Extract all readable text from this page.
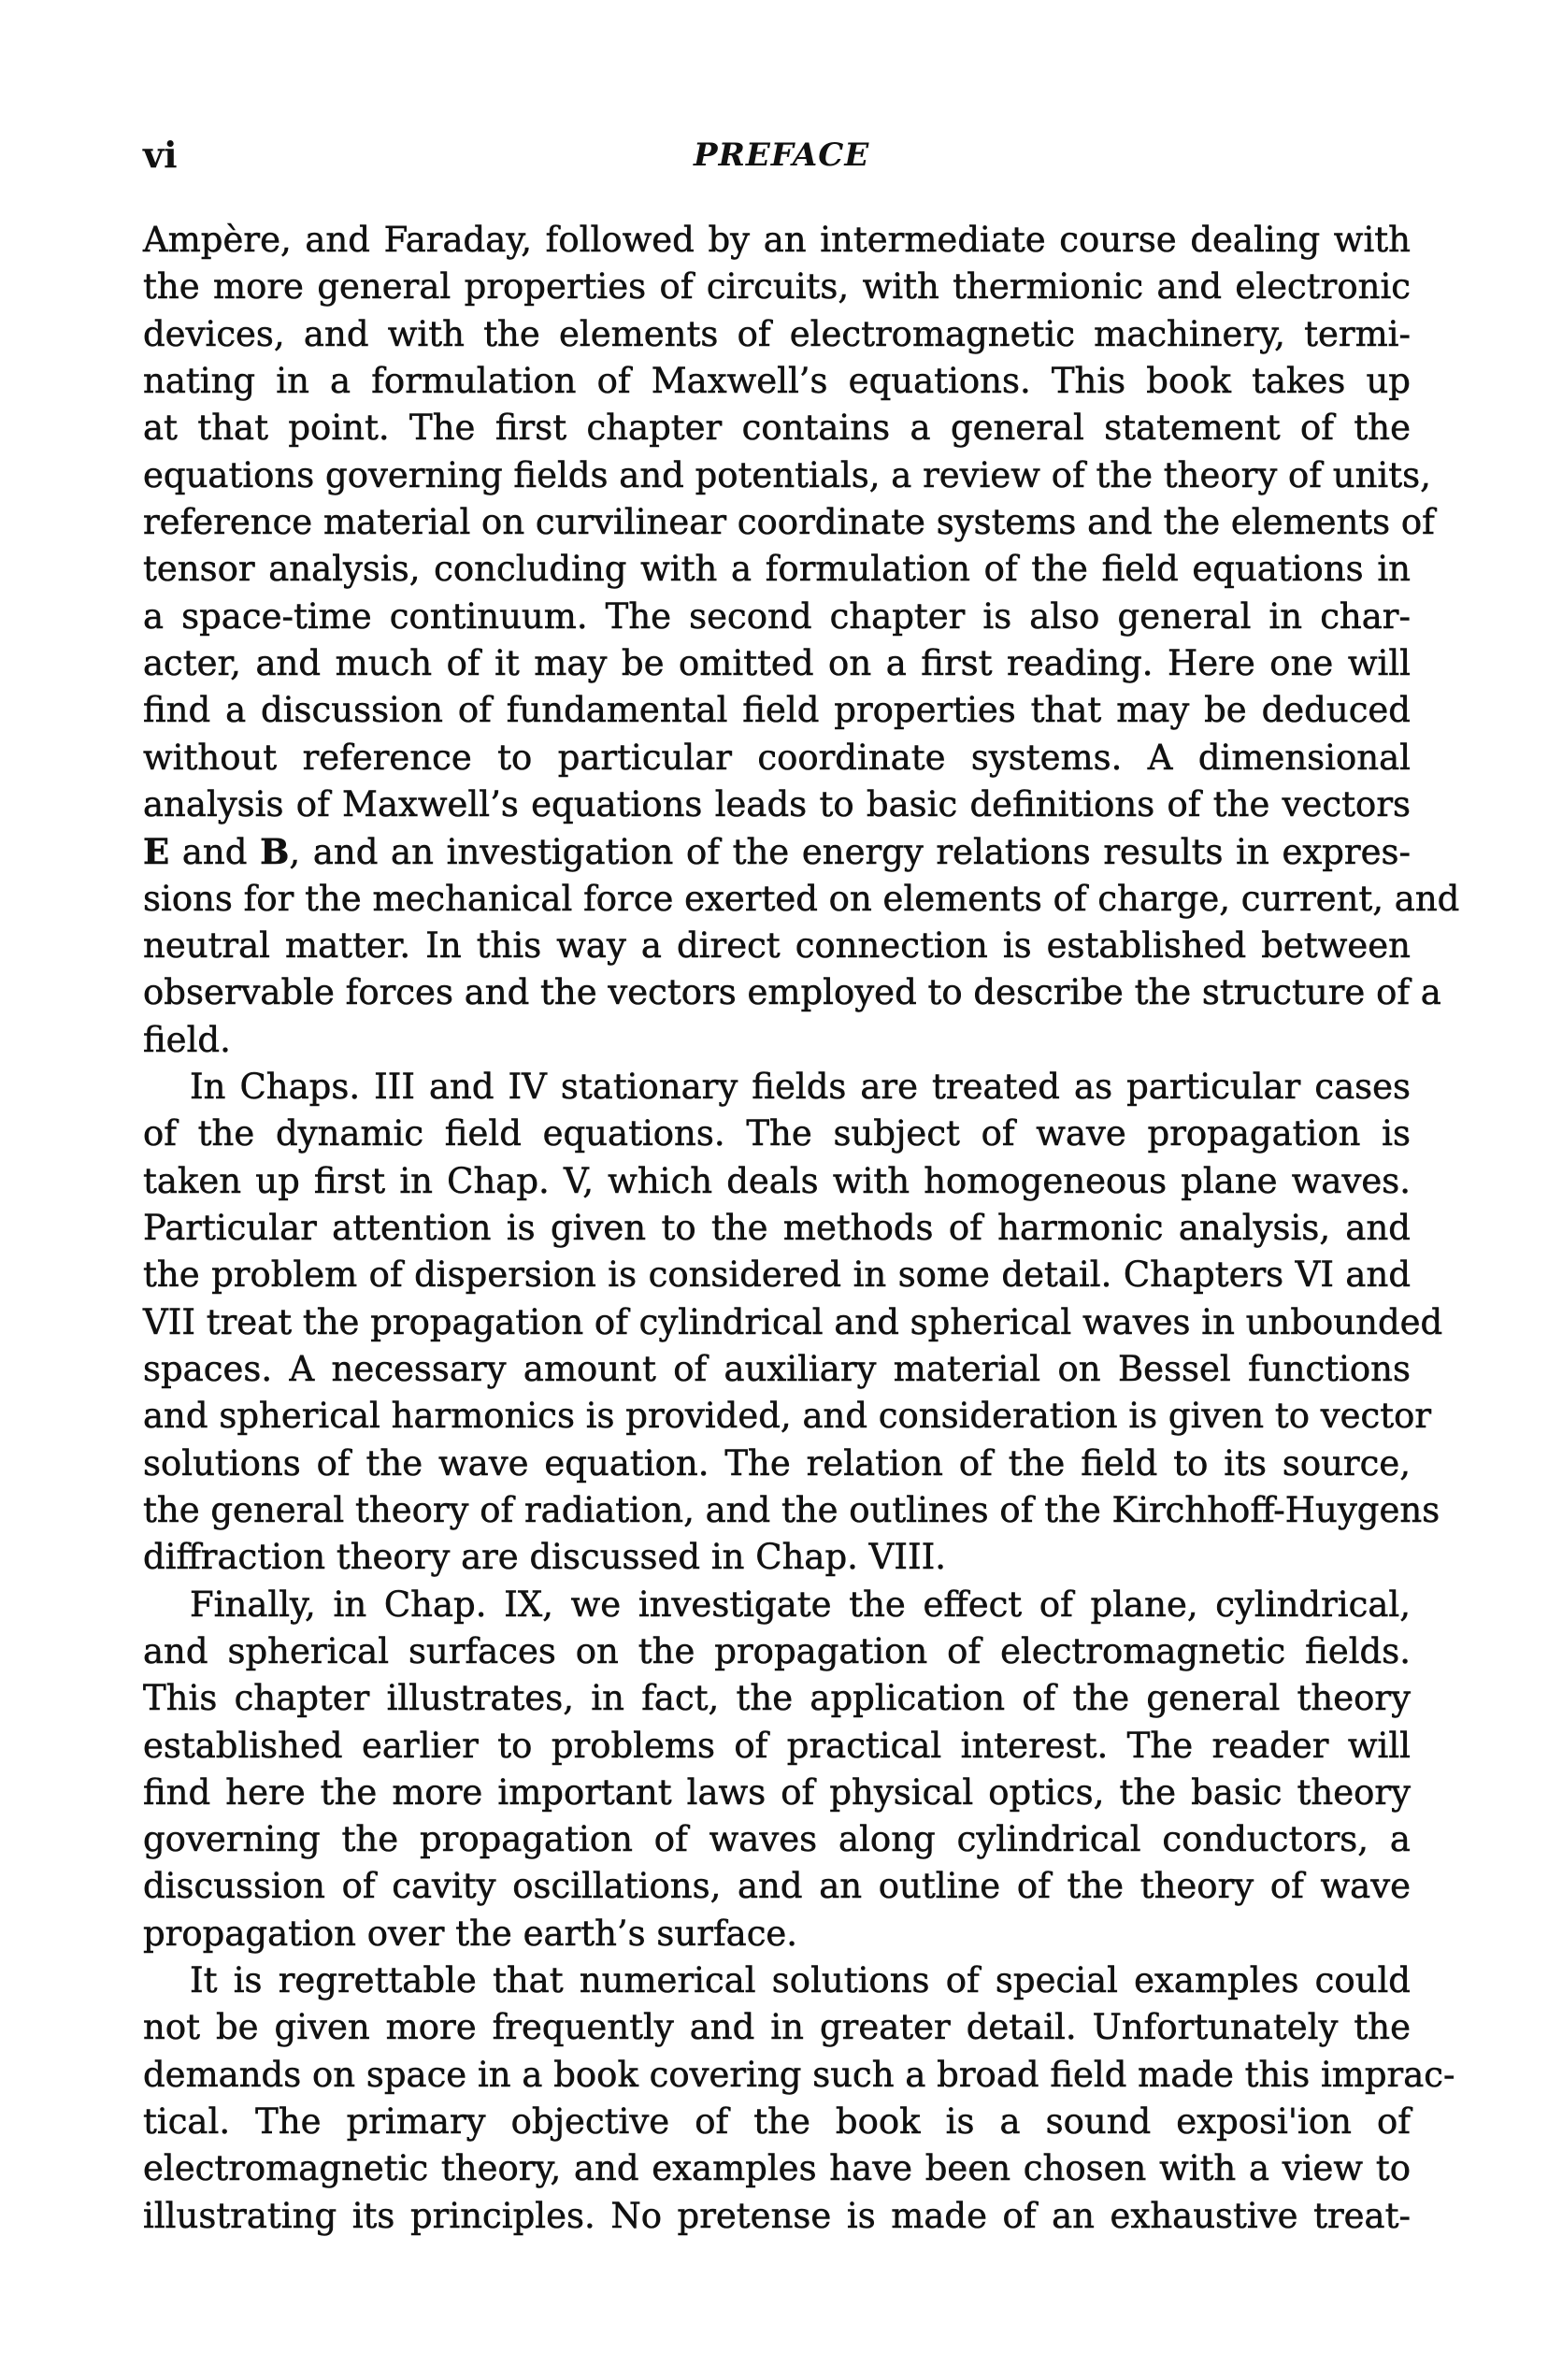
vi	PREFACE
Ampère, and Faraday, followed by an intermediate course dealing with
the more general properties of circuits, with thermionic and electronic
devices, and with the elements of electromagnetic machinery, termi-
nating in a formulation of Maxwell’s equations. This book takes up
at that point. The first chapter contains a general statement of the
equations governing fields and potentials, a review of the theory of units,
reference material on curvilinear coordinate systems and the elements of
tensor analysis, concluding with a formulation of the field equations in
a space-time continuum. The second chapter is also general in char-
acter, and much of it may be omitted on a first reading. Here one will
find a discussion of fundamental field properties that may be deduced
without reference to particular coordinate systems. A dimensional
analysis of Maxwell’s equations leads to basic definitions of the vectors
E and B, and an investigation of the energy relations results in expres-
sions for the mechanical force exerted on elements of charge, current, and
neutral matter. In this way a direct connection is established between
observable forces and the vectors employed to describe the structure of a
field.
In Chaps. III and IV stationary fields are treated as particular cases
of the dynamic field equations. The subject of wave propagation is
taken up first in Chap. V, which deals with homogeneous plane waves.
Particular attention is given to the methods of harmonic analysis, and
the problem of dispersion is considered in some detail. Chapters VI and
VII treat the propagation of cylindrical and spherical waves in unbounded
spaces. A necessary amount of auxiliary material on Bessel functions
and spherical harmonics is provided, and consideration is given to vector
solutions of the wave equation. The relation of the field to its source,
the general theory of radiation, and the outlines of the Kirchhoff-Huygens
diffraction theory are discussed in Chap. VIII.
Finally, in Chap. IX, we investigate the effect of plane, cylindrical,
and spherical surfaces on the propagation of electromagnetic fields.
This chapter illustrates, in fact, the application of the general theory
established earlier to problems of practical interest. The reader will
find here the more important laws of physical optics, the basic theory
governing the propagation of waves along cylindrical conductors, a
discussion of cavity oscillations, and an outline of the theory of wave
propagation over the earth’s surface.
It is regrettable that numerical solutions of special examples could
not be given more frequently and in greater detail. Unfortunately the
demands on space in a book covering such a broad field made this imprac-
tical. The primary objective of the book is a sound exposi'ion of
electromagnetic theory, and examples have been chosen with a view to
illustrating its principles. No pretense is made of an exhaustive treat-
